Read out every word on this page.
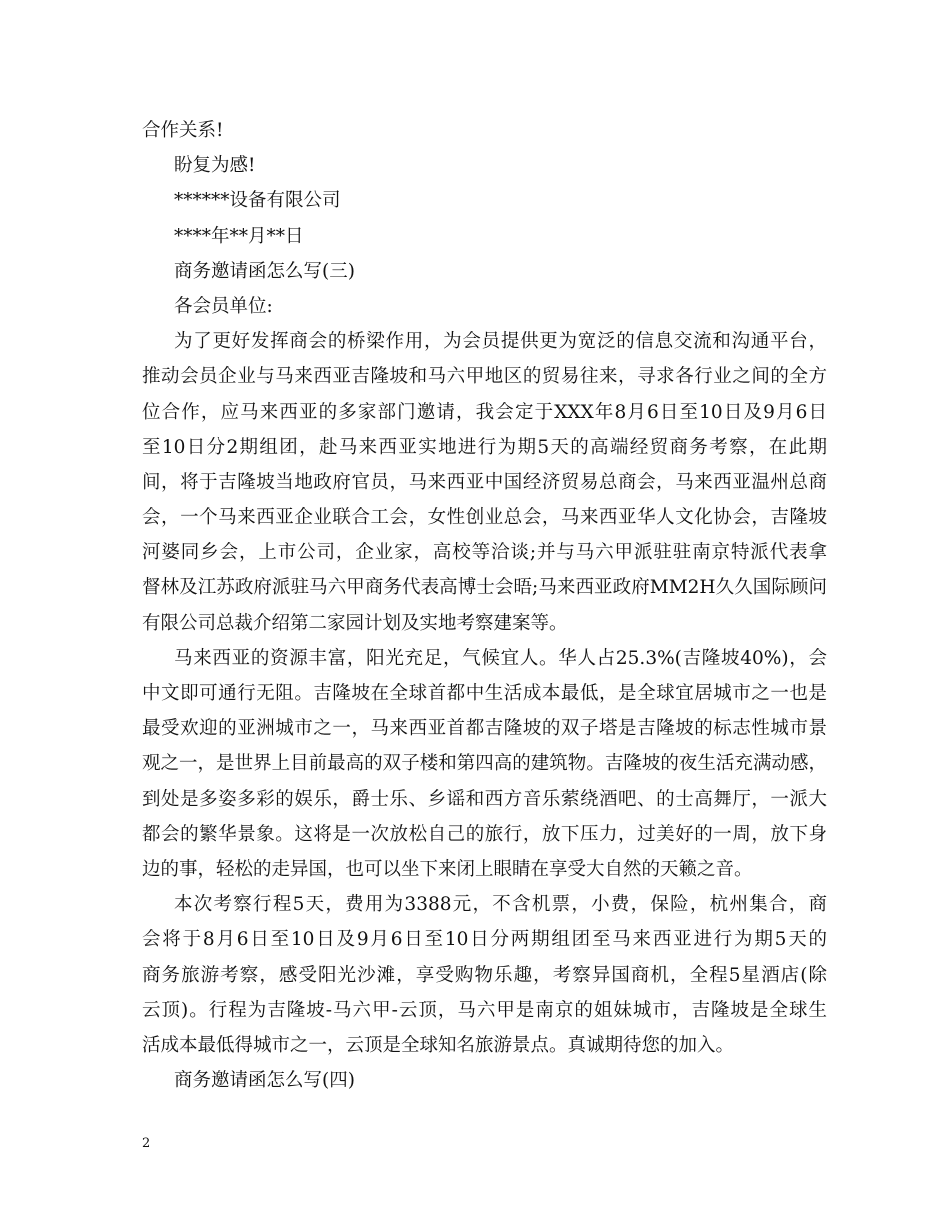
合作关系!
盼复为感!
******设备有限公司
****年**月**日
商务邀请函怎么写(三)
各会员单位:
为了更好发挥商会的桥梁作用，为会员提供更为宽泛的信息交流和沟通平台，
推动会员企业与马来西亚吉隆坡和马六甲地区的贸易往来，寻求各行业之间的全方
位合作，应马来西亚的多家部门邀请，我会定于XXX年8月6日至10日及9月6日
至10日分2期组团，赴马来西亚实地进行为期5天的高端经贸商务考察，在此期
间，将于吉隆坡当地政府官员，马来西亚中国经济贸易总商会，马来西亚温州总商
会，一个马来西亚企业联合工会，女性创业总会，马来西亚华人文化协会，吉隆坡
河婆同乡会，上市公司，企业家，高校等洽谈;并与马六甲派驻驻南京特派代表拿
督林及江苏政府派驻马六甲商务代表高博士会晤;马来西亚政府MM2H久久国际顾问
有限公司总裁介绍第二家园计划及实地考察建案等。
马来西亚的资源丰富，阳光充足，气候宜人。华人占25.3%(吉隆坡40%)，会
中文即可通行无阻。吉隆坡在全球首都中生活成本最低，是全球宜居城市之一也是
最受欢迎的亚洲城市之一，马来西亚首都吉隆坡的双子塔是吉隆坡的标志性城市景
观之一，是世界上目前最高的双子楼和第四高的建筑物。吉隆坡的夜生活充满动感，
到处是多姿多彩的娱乐，爵士乐、乡谣和西方音乐萦绕酒吧、的士高舞厅，一派大
都会的繁华景象。这将是一次放松自己的旅行，放下压力，过美好的一周，放下身
边的事，轻松的走异国，也可以坐下来闭上眼睛在享受大自然的天籁之音。
本次考察行程5天，费用为3388元，不含机票，小费，保险，杭州集合，商
会将于8月6日至10日及9月6日至10日分两期组团至马来西亚进行为期5天的
商务旅游考察，感受阳光沙滩，享受购物乐趣，考察异国商机，全程5星酒店(除
云顶)。行程为吉隆坡-马六甲-云顶，马六甲是南京的姐妹城市，吉隆坡是全球生
活成本最低得城市之一，云顶是全球知名旅游景点。真诚期待您的加入。
商务邀请函怎么写(四)
2
